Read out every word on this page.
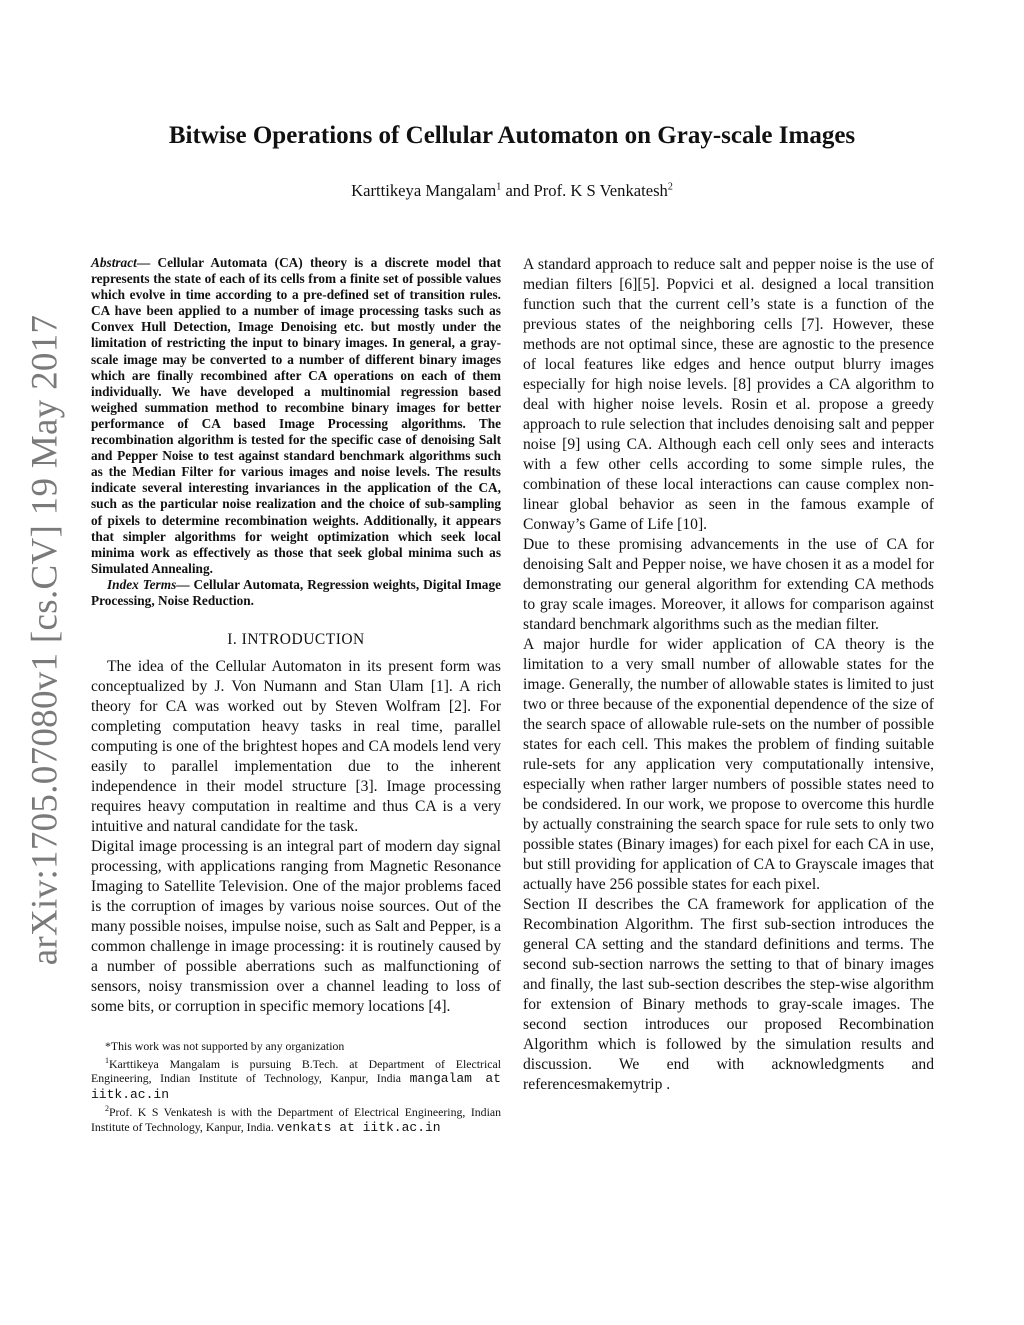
arXiv:1705.07080v1 [cs.CV] 19 May 2017
Bitwise Operations of Cellular Automaton on Gray-scale Images
Karttikeya Mangalam$^1$ and Prof. K S Venkatesh$^2$

Abstract— Cellular Automata (CA) theory is a discrete model that represents the state of each of its cells from a finite set of possible values which evolve in time according to a pre-defined set of transition rules. CA have been applied to a number of image processing tasks such as Convex Hull Detection, Image Denoising etc. but mostly under the limitation of restricting the input to binary images. In general, a gray-scale image may be converted to a number of different binary images which are finally recombined after CA operations on each of them individually. We have developed a multinomial regression based weighed summation method to recombine binary images for better performance of CA based Image Processing algorithms. The recombination algorithm is tested for the specific case of denoising Salt and Pepper Noise to test against standard benchmark algorithms such as the Median Filter for various images and noise levels. The results indicate several interesting invariances in the application of the CA, such as the particular noise realization and the choice of sub-sampling of pixels to determine recombination weights. Additionally, it appears that simpler algorithms for weight optimization which seek local minima work as effectively as those that seek global minima such as Simulated Annealing.

Index Terms— Cellular Automata, Regression weights, Digital Image Processing, Noise Reduction.

I. INTRODUCTION

The idea of the Cellular Automaton in its present form was conceptualized by J. Von Numann and Stan Ulam [1]. A rich theory for CA was worked out by Steven Wolfram [2]. For completing computation heavy tasks in real time, parallel computing is one of the brightest hopes and CA models lend very easily to parallel implementation due to the inherent independence in their model structure [3]. Image processing requires heavy computation in realtime and thus CA is a very intuitive and natural candidate for the task.

Digital image processing is an integral part of modern day signal processing, with applications ranging from Magnetic Resonance Imaging to Satellite Television. One of the major problems faced is the corruption of images by various noise sources. Out of the many possible noises, impulse noise, such as Salt and Pepper, is a common challenge in image processing: it is routinely caused by a number of possible aberrations such as malfunctioning of sensors, noisy transmission over a channel leading to loss of some bits, or corruption in specific memory locations [4].

*This work was not supported by any organization

$^1$Karttikeya Mangalam is pursuing B.Tech. at Department of Electrical Engineering, Indian Institute of Technology, Kanpur, India mangalam at iitk.ac.in

$^2$Prof. K S Venkatesh is with the Department of Electrical Engineering, Indian Institute of Technology, Kanpur, India. venkats at iitk.ac.in

A standard approach to reduce salt and pepper noise is the use of median filters [6][5]. Popvici et al. designed a local transition function such that the current cell’s state is a function of the previous states of the neighboring cells [7]. However, these methods are not optimal since, these are agnostic to the presence of local features like edges and hence output blurry images especially for high noise levels. [8] provides a CA algorithm to deal with higher noise levels. Rosin et al. propose a greedy approach to rule selection that includes denoising salt and pepper noise [9] using CA. Although each cell only sees and interacts with a few other cells according to some simple rules, the combination of these local interactions can cause complex non-linear global behavior as seen in the famous example of Conway’s Game of Life [10].

Due to these promising advancements in the use of CA for denoising Salt and Pepper noise, we have chosen it as a model for demonstrating our general algorithm for extending CA methods to gray scale images. Moreover, it allows for comparison against standard benchmark algorithms such as the median filter.

A major hurdle for wider application of CA theory is the limitation to a very small number of allowable states for the image. Generally, the number of allowable states is limited to just two or three because of the exponential dependence of the size of the search space of allowable rule-sets on the number of possible states for each cell. This makes the problem of finding suitable rule-sets for any application very computationally intensive, especially when rather larger numbers of possible states need to be condsidered. In our work, we propose to overcome this hurdle by actually constraining the search space for rule sets to only two possible states (Binary images) for each pixel for each CA in use, but still providing for application of CA to Grayscale images that actually have 256 possible states for each pixel.

Section II describes the CA framework for application of the Recombination Algorithm. The first sub-section introduces the general CA setting and the standard definitions and terms. The second sub-section narrows the setting to that of binary images and finally, the last sub-section describes the step-wise algorithm for extension of Binary methods to gray-scale images. The second section introduces our proposed Recombination Algorithm which is followed by the simulation results and discussion. We end with acknowledgments and referencesmakemytrip .
